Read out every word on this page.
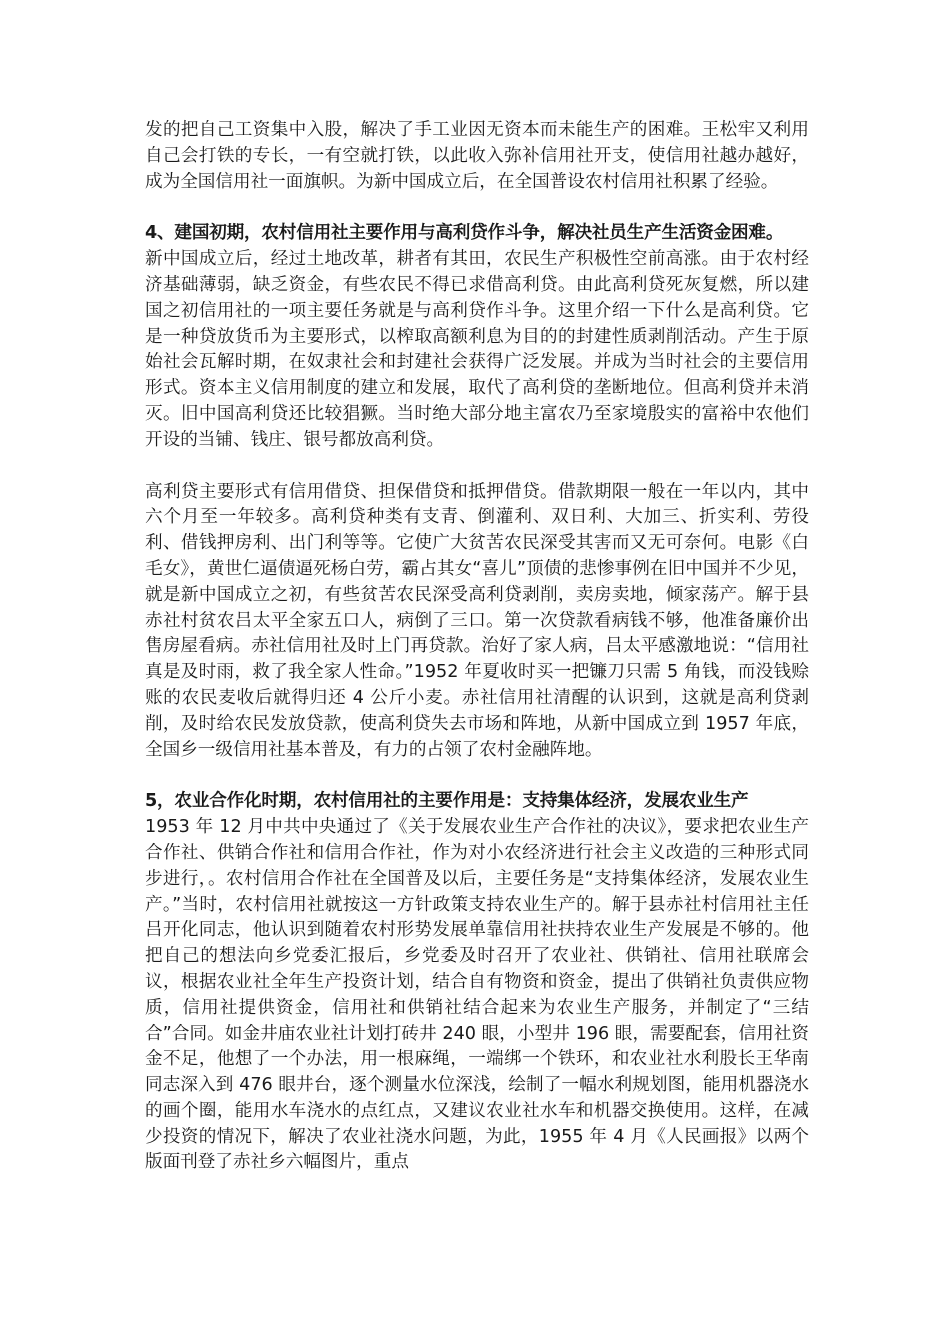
发的把自己工资集中入股，解决了手工业因无资本而未能生产的困难。王松牢又利用自己会打铁的专长，一有空就打铁，以此收入弥补信用社开支，使信用社越办越好，成为全国信用社一面旗帜。为新中国成立后，在全国普设农村信用社积累了经验。

4、建国初期，农村信用社主要作用与高利贷作斗争，解决社员生产生活资金困难。

新中国成立后，经过土地改革，耕者有其田，农民生产积极性空前高涨。由于农村经济基础薄弱，缺乏资金，有些农民不得已求借高利贷。由此高利贷死灰复燃，所以建国之初信用社的一项主要任务就是与高利贷作斗争。这里介绍一下什么是高利贷。它是一种贷放货币为主要形式，以榨取高额利息为目的的封建性质剥削活动。产生于原始社会瓦解时期，在奴隶社会和封建社会获得广泛发展。并成为当时社会的主要信用形式。资本主义信用制度的建立和发展，取代了高利贷的垄断地位。但高利贷并未消灭。旧中国高利贷还比较猖獗。当时绝大部分地主富农乃至家境殷实的富裕中农他们开设的当铺、钱庄、银号都放高利贷。

高利贷主要形式有信用借贷、担保借贷和抵押借贷。借款期限一般在一年以内，其中六个月至一年较多。高利贷种类有支青、倒灌利、双日利、大加三、折实利、劳役利、借钱押房利、出门利等等。它使广大贫苦农民深受其害而又无可奈何。电影《白毛女》，黄世仁逼债逼死杨白劳，霸占其女“喜儿”顶债的悲惨事例在旧中国并不少见，就是新中国成立之初，有些贫苦农民深受高利贷剥削，卖房卖地，倾家荡产。解于县赤社村贫农吕太平全家五口人，病倒了三口。第一次贷款看病钱不够，他准备廉价出售房屋看病。赤社信用社及时上门再贷款。治好了家人病，吕太平感激地说：“信用社真是及时雨，救了我全家人性命。”1952 年夏收时买一把镰刀只需 5 角钱，而没钱赊账的农民麦收后就得归还 4 公斤小麦。赤社信用社清醒的认识到，这就是高利贷剥削，及时给农民发放贷款，使高利贷失去市场和阵地，从新中国成立到 1957 年底，全国乡一级信用社基本普及，有力的占领了农村金融阵地。

5，农业合作化时期，农村信用社的主要作用是：支持集体经济，发展农业生产

1953 年 12 月中共中央通过了《关于发展农业生产合作社的决议》，要求把农业生产合作社、供销合作社和信用合作社，作为对小农经济进行社会主义改造的三种形式同步进行，。农村信用合作社在全国普及以后，主要任务是“支持集体经济，发展农业生产。”当时，农村信用社就按这一方针政策支持农业生产的。解于县赤社村信用社主任吕开化同志，他认识到随着农村形势发展单靠信用社扶持农业生产发展是不够的。他把自己的想法向乡党委汇报后，乡党委及时召开了农业社、供销社、信用社联席会议，根据农业社全年生产投资计划，结合自有物资和资金，提出了供销社负责供应物质，信用社提供资金，信用社和供销社结合起来为农业生产服务，并制定了“三结合”合同。如金井庙农业社计划打砖井 240 眼，小型井 196 眼，需要配套，信用社资金不足，他想了一个办法，用一根麻绳，一端绑一个铁环，和农业社水利股长王华南同志深入到 476 眼井台，逐个测量水位深浅，绘制了一幅水利规划图，能用机器浇水的画个圈，能用水车浇水的点红点，又建议农业社水车和机器交换使用。这样，在减少投资的情况下，解决了农业社浇水问题，为此，1955 年 4 月《人民画报》以两个版面刊登了赤社乡六幅图片，重点
